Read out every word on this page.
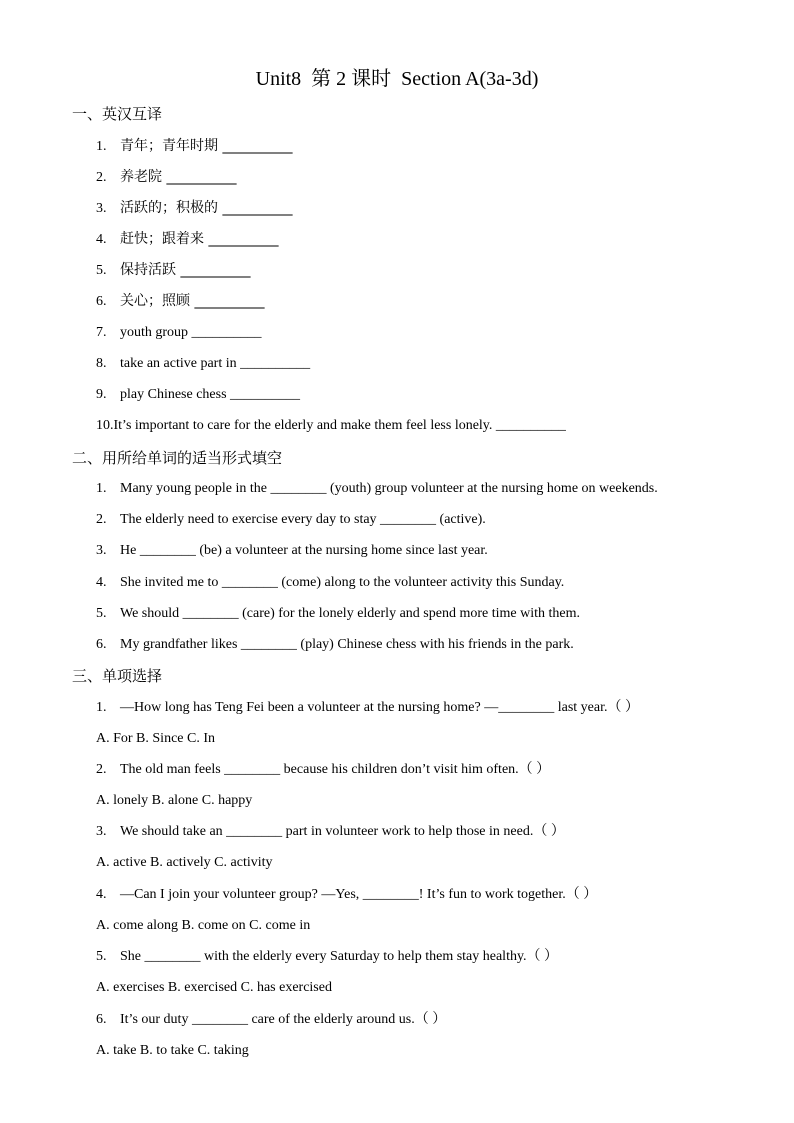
Unit8  第 2 课时  Section A(3a-3d)
一、英汉互译
1. 青年；青年时期 __________
2. 养老院 __________
3. 活跃的；积极的 __________
4. 赶快；跟着来 __________
5. 保持活跃 __________
6. 关心；照顾 __________
7. youth group __________
8. take an active part in __________
9. play Chinese chess __________
10.It’s important to care for the elderly and make them feel less lonely. __________
二、用所给单词的适当形式填空
1. Many young people in the ________ (youth) group volunteer at the nursing home on weekends.
2. The elderly need to exercise every day to stay ________ (active).
3. He ________ (be) a volunteer at the nursing home since last year.
4. She invited me to ________ (come) along to the volunteer activity this Sunday.
5. We should ________ (care) for the lonely elderly and spend more time with them.
6. My grandfather likes ________ (play) Chinese chess with his friends in the park.
三、单项选择
1. —How long has Teng Fei been a volunteer at the nursing home? —________ last year.（ ）
A. For B. Since C. In
2. The old man feels ________ because his children don’t visit him often.（ ）
A. lonely B. alone C. happy
3. We should take an ________ part in volunteer work to help those in need.（ ）
A. active B. actively C. activity
4. —Can I join your volunteer group? —Yes, ________! It’s fun to work together.（ ）
A. come along B. come on C. come in
5. She ________ with the elderly every Saturday to help them stay healthy.（ ）
A. exercises B. exercised C. has exercised
6. It’s our duty ________ care of the elderly around us.（ ）
A. take B. to take C. taking
